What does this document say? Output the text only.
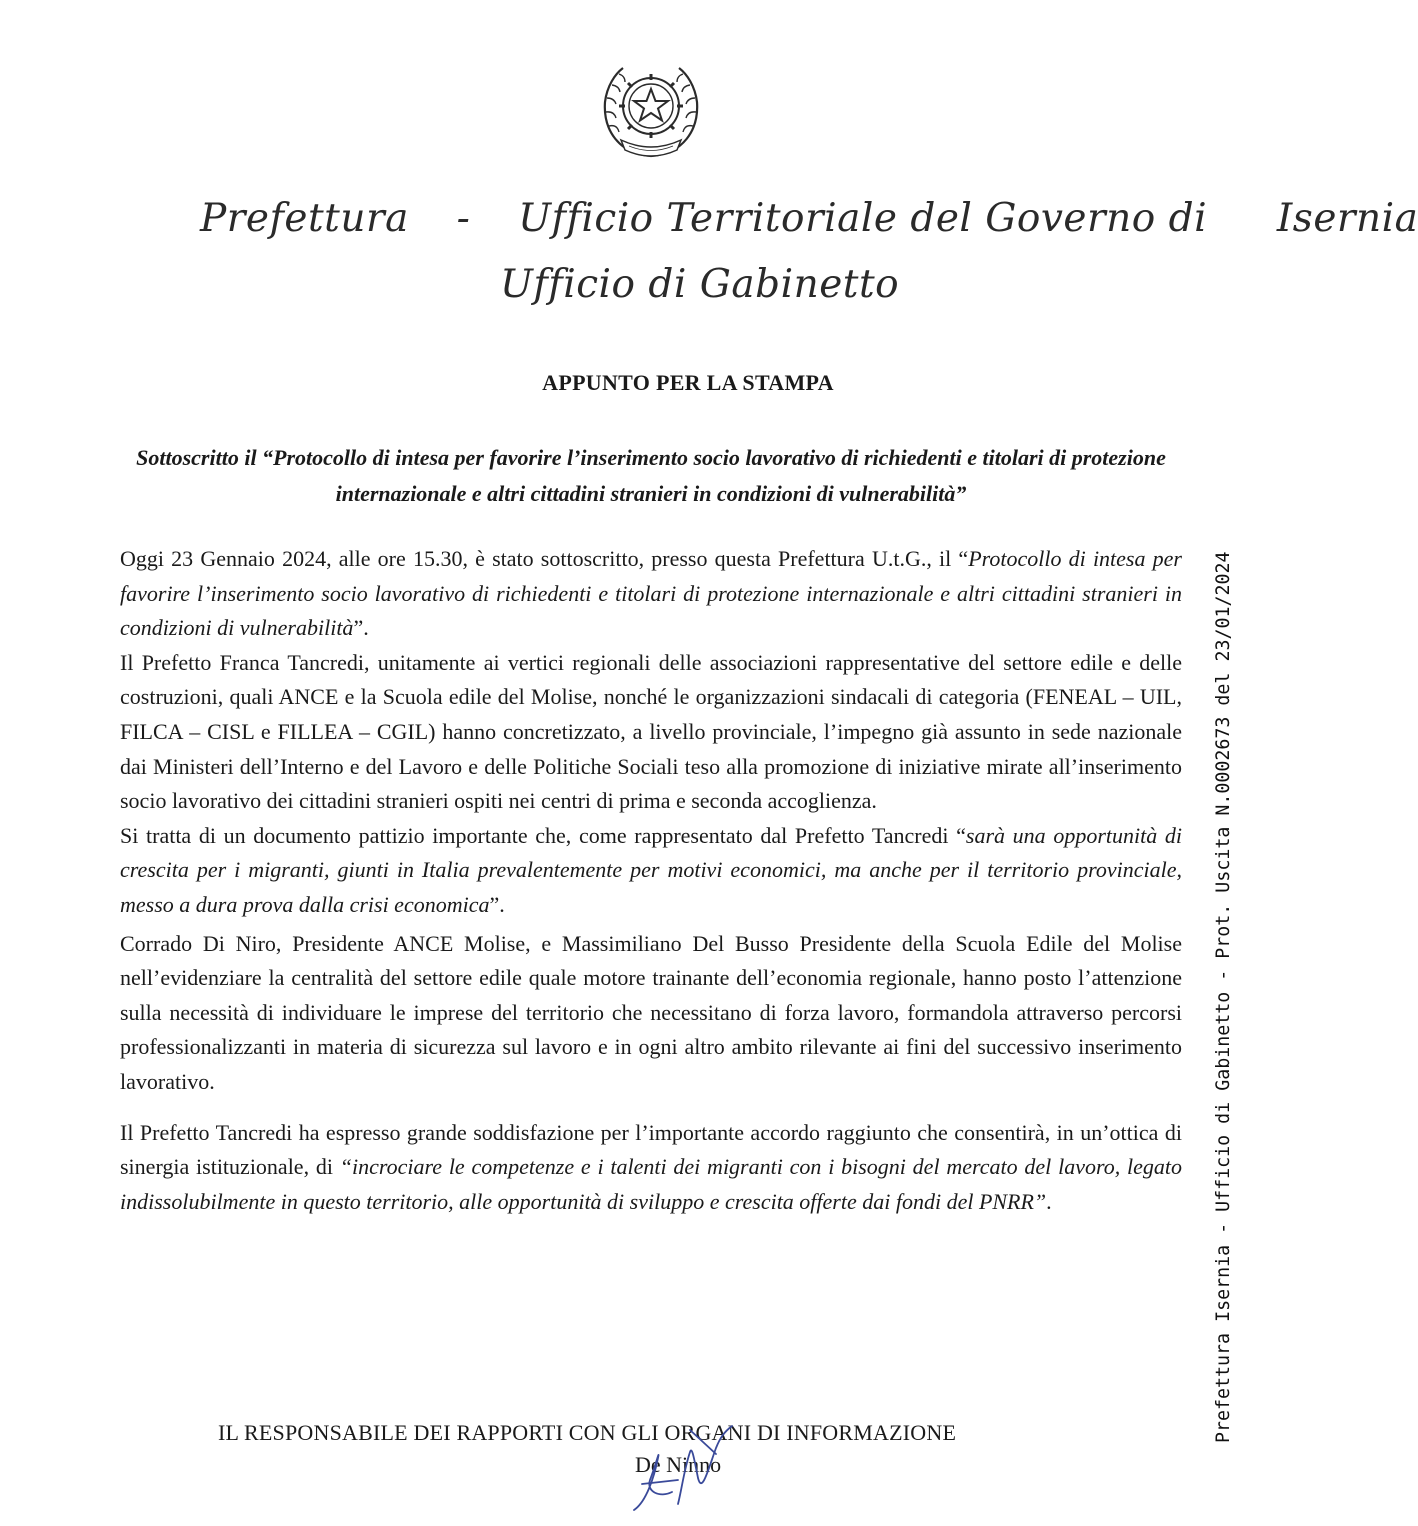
Prefettura - Ufficio Territoriale del Governo di Isernia
Ufficio di Gabinetto
APPUNTO PER LA STAMPA
Sottoscritto il “Protocollo di intesa per favorire l’inserimento socio lavorativo di richiedenti e titolari di protezione internazionale e altri cittadini stranieri in condizioni di vulnerabilità”

Oggi 23 Gennaio 2024, alle ore 15.30, è stato sottoscritto, presso questa Prefettura U.t.G., il “Protocollo di intesa per favorire l’inserimento socio lavorativo di richiedenti e titolari di protezione internazionale e altri cittadini stranieri in condizioni di vulnerabilità”.

Il Prefetto Franca Tancredi, unitamente ai vertici regionali delle associazioni rappresentative del settore edile e delle costruzioni, quali ANCE e la Scuola edile del Molise, nonché le organizzazioni sindacali di categoria (FENEAL – UIL, FILCA – CISL e FILLEA – CGIL) hanno concretizzato, a livello provinciale, l’impegno già assunto in sede nazionale dai Ministeri dell’Interno e del Lavoro e delle Politiche Sociali teso alla promozione di iniziative mirate all’inserimento socio lavorativo dei cittadini stranieri ospiti nei centri di prima e seconda accoglienza.

Si tratta di un documento pattizio importante che, come rappresentato dal Prefetto Tancredi “sarà una opportunità di crescita per i migranti, giunti in Italia prevalentemente per motivi economici, ma anche per il territorio provinciale, messo a dura prova dalla crisi economica”.

Corrado Di Niro, Presidente ANCE Molise, e Massimiliano Del Busso Presidente della Scuola Edile del Molise nell’evidenziare la centralità del settore edile quale motore trainante dell’economia regionale, hanno posto l’attenzione sulla necessità di individuare le imprese del territorio che necessitano di forza lavoro, formandola attraverso percorsi professionalizzanti in materia di sicurezza sul lavoro e in ogni altro ambito rilevante ai fini del successivo inserimento lavorativo.

Il Prefetto Tancredi ha espresso grande soddisfazione per l’importante accordo raggiunto che consentirà, in un’ottica di sinergia istituzionale, di “incrociare le competenze e i talenti dei migranti con i bisogni del mercato del lavoro, legato indissolubilmente in questo territorio, alle opportunità di sviluppo e crescita offerte dai fondi del PNRR”.

IL RESPONSABILE DEI RAPPORTI CON GLI ORGANI DI INFORMAZIONE
De Ninno
Prefettura Isernia - Ufficio di Gabinetto - Prot. Uscita N.0002673 del 23/01/2024
